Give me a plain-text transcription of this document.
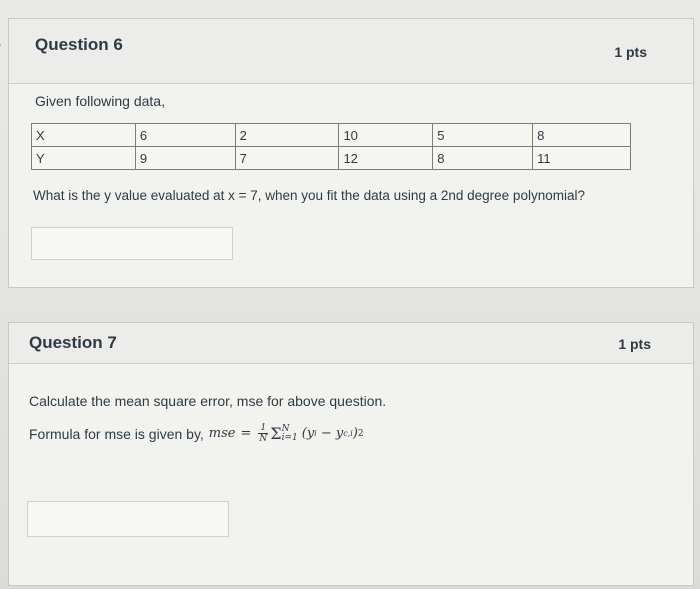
Question 6	1 pts
Given following data,
X	6	2	10	5	8
Y	9	7	12	8	11
What is the y value evaluated at x = 7, when you fit the data using a 2nd degree polynomial?
Question 7	1 pts
Calculate the mean square error, mse for above question.
Formula for mse is given by, mse = $\frac{1}{N}$ Σ N
i=1 (y i − y c,i ) 2
